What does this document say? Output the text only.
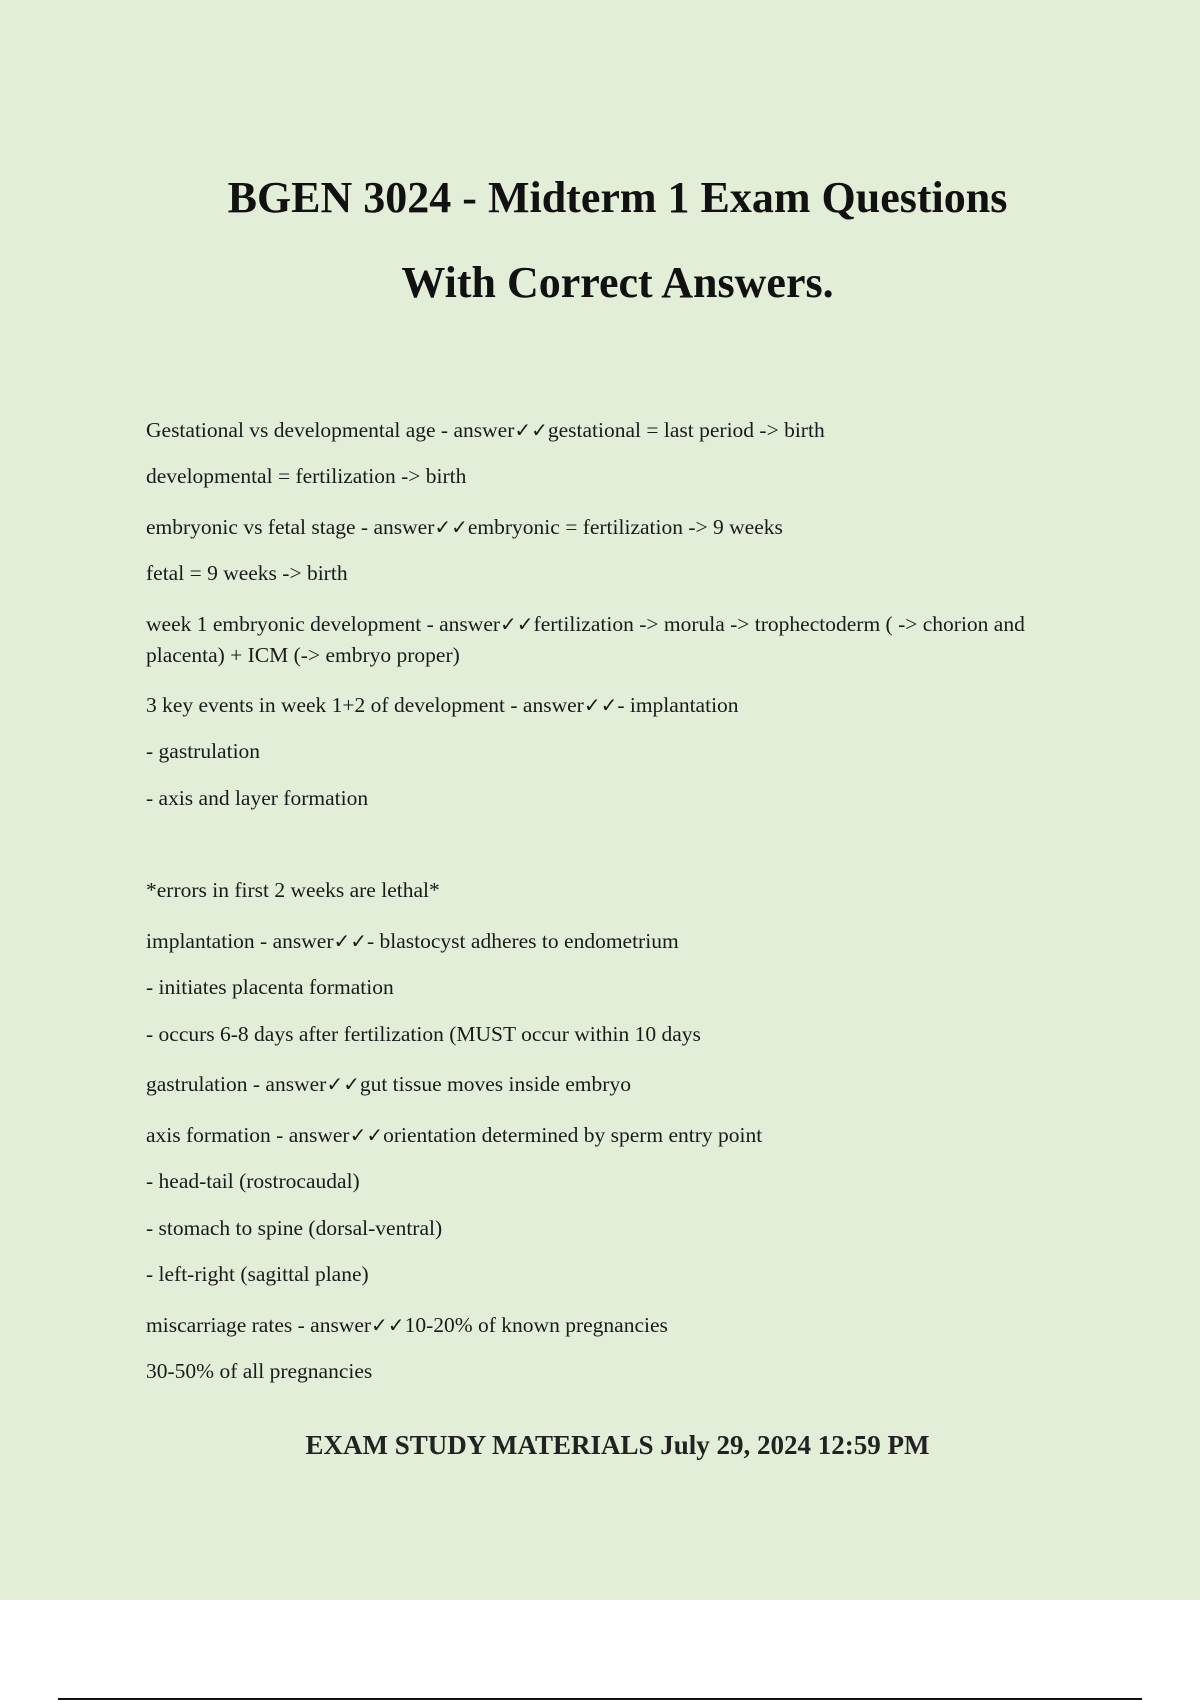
BGEN 3024 - Midterm 1 Exam Questions
With Correct Answers.
Gestational vs developmental age - answer✓✓gestational = last period -> birth
developmental = fertilization -> birth
embryonic vs fetal stage - answer✓✓embryonic = fertilization -> 9 weeks
fetal = 9 weeks -> birth
week 1 embryonic development - answer✓✓fertilization -> morula -> trophectoderm ( -> chorion and placenta) + ICM (-> embryo proper)
3 key events in week 1+2 of development - answer✓✓- implantation
- gastrulation
- axis and layer formation
*errors in first 2 weeks are lethal*
implantation - answer✓✓- blastocyst adheres to endometrium
- initiates placenta formation
- occurs 6-8 days after fertilization (MUST occur within 10 days
gastrulation - answer✓✓gut tissue moves inside embryo
axis formation - answer✓✓orientation determined by sperm entry point
- head-tail (rostrocaudal)
- stomach to spine (dorsal-ventral)
- left-right (sagittal plane)
miscarriage rates - answer✓✓10-20% of known pregnancies
30-50% of all pregnancies
EXAM STUDY MATERIALS July 29, 2024 12:59 PM
